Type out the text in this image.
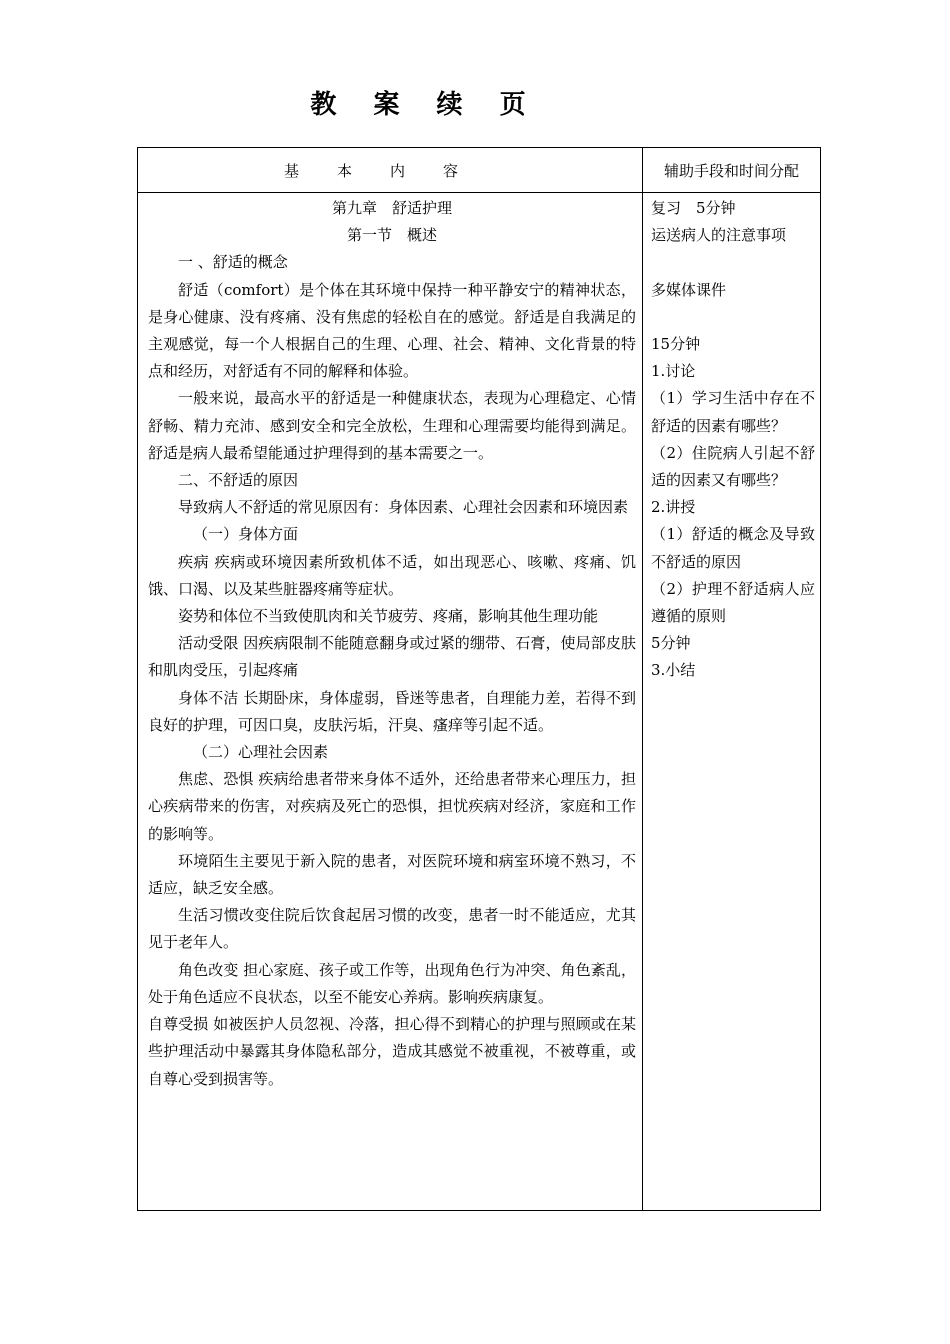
教 案 续 页
基本内容	辅助手段和时间分配

第九章　舒适护理

第一节　概述

一 、舒适的概念

舒适（comfort）是个体在其环境中保持一种平静安宁的精神状态，是身心健康、没有疼痛、没有焦虑的轻松自在的感觉。舒适是自我满足的主观感觉，每一个人根据自己的生理、心理、社会、精神、文化背景的特点和经历，对舒适有不同的解释和体验。

一般来说，最高水平的舒适是一种健康状态，表现为心理稳定、心情舒畅、精力充沛、感到安全和完全放松，生理和心理需要均能得到满足。舒适是病人最希望能通过护理得到的基本需要之一。

二、不舒适的原因

导致病人不舒适的常见原因有：身体因素、心理社会因素和环境因素

（一）身体方面

疾病 疾病或环境因素所致机体不适，如出现恶心、咳嗽、疼痛、饥饿、口渴、以及某些脏器疼痛等症状。

姿势和体位不当致使肌肉和关节疲劳、疼痛，影响其他生理功能

活动受限 因疾病限制不能随意翻身或过紧的绷带、石膏，使局部皮肤和肌肉受压，引起疼痛

身体不洁 长期卧床，身体虚弱，昏迷等患者，自理能力差，若得不到良好的护理，可因口臭，皮肤污垢，汗臭、瘙痒等引起不适。

（二）心理社会因素

焦虑、恐惧 疾病给患者带来身体不适外，还给患者带来心理压力，担心疾病带来的伤害，对疾病及死亡的恐惧，担忧疾病对经济，家庭和工作的影响等。

环境陌生主要见于新入院的患者，对医院环境和病室环境不熟习，不适应，缺乏安全感。

生活习惯改变住院后饮食起居习惯的改变，患者一时不能适应，尤其见于老年人。

角色改变 担心家庭、孩子或工作等，出现角色行为冲突、角色紊乱，处于角色适应不良状态，以至不能安心养病。影响疾病康复。

自尊受损 如被医护人员忽视、冷落，担心得不到精心的护理与照顾或在某些护理活动中暴露其身体隐私部分，造成其感觉不被重视，不被尊重，或自尊心受到损害等。

复习　5分钟

运送病人的注意事项

多媒体课件

15分钟

1.讨论

（1）学习生活中存在不舒适的因素有哪些？

（2）住院病人引起不舒适的因素又有哪些？

2.讲授

（1）舒适的概念及导致不舒适的原因

（2）护理不舒适病人应遵循的原则

5分钟

3.小结
